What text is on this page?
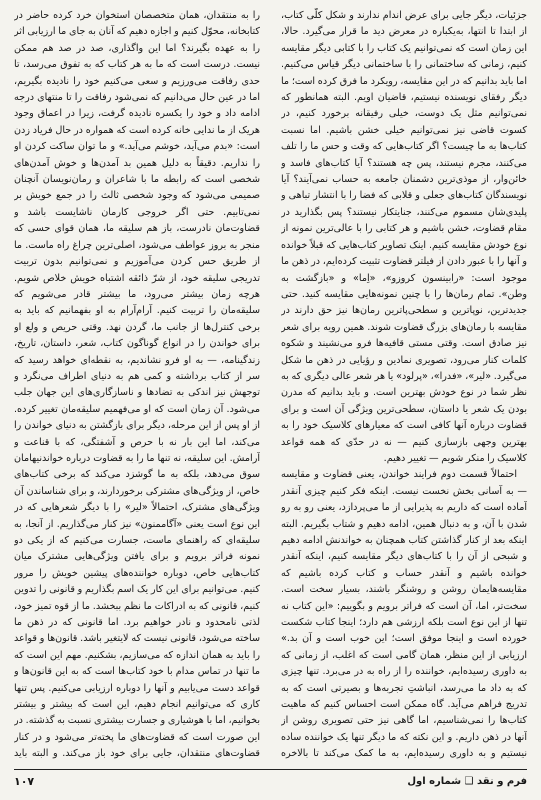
جزئیات، دیگر جایی برای عرض اندام ندارند و شکل کلّی کتاب، از ابتدا تا انتها، به‌یکباره در معرض دید ما قرار می‌گیرد. حالا، این زمان است که نمی‌توانیم یک کتاب را با کتابی دیگر مقایسه کنیم، زمانی که ساختمانی را با ساختمانی دیگر قیاس می‌کنیم. اما باید بدانیم که در این مقایسه، رویکرد ما فرق کرده است؛ ما دیگر رفقای نویسنده نیستیم، قاضیان اویم. البته همانطور که نمی‌توانیم مثل یک دوست، خیلی رفیقانه برخورد کنیم، در کسوت قاضی نیز نمی‌توانیم خیلی خشن باشیم. اما نسبت کتاب‌ها به ما چیست؟ اگر کتاب‌هایی که وقت و حس ما را تلف می‌کنند، مجرم نیستند، پس چه هستند؟ آیا کتاب‌های فاسد و خائن‌وار، از موذی‌ترین دشمنان جامعه به حساب نمی‌آیند؟ آیا نویسندگان کتاب‌های جعلی و قلابی که فضا را با انتشار تباهی و پلیدی‌شان مسموم می‌کنند، جنایتکار نیستند؟ پس بگذارید در مقام قضاوت، خشن باشیم و هر کتابی را با عالی‌ترین نمونه از نوع خودش مقایسه کنیم. اینک تصاویر کتاب‌هایی که قبلاً خوانده و آنها را با عبور دادن از فیلتر قضاوت تثبیت کرده‌ایم، در ذهن ما موجود است: «رابینسون کروزو»، «اِما» و «بازگشت به وطن». تمام رمان‌ها را با چنین نمونه‌هایی مقایسه کنید. حتی جدیدترین، نوپاترین و سطحی‌پاترین رمان‌ها نیز حق دارند در مقایسه با رمان‌های بزرگ قضاوت شوند. همین رویه برای شعر نیز صادق است. وقتی مستی قافیه‌ها فرو می‌نشیند و شکوه کلمات کنار می‌رود، تصویری نمادین و رؤیایی در ذهن ما شکل می‌گیرد. «لیر»، «فدرا»، «پرلود» یا هر شعر عالی دیگری که به نظر شما در نوع خودش بهترین است. و باید بدانیم که مدرن بودن یک شعر یا داستان، سطحی‌ترین ویژگی آن است و برای قضاوت درباره آنها کافی است که معیارهای کلاسیک خود را به بهترین وجهی بازسازی کنیم — نه در حدّی که همه قواعد کلاسیک را منکر شویم — تغییر دهیم.

احتمالاً قسمت دوم فرایند خواندن، یعنی قضاوت و مقایسه — به آسانی بخش نخست نیست. اینکه فکر کنیم چیزی آنقدر آماده‌ است که داریم به پذیرایی از ما می‌پردازد، یعنی رو به رو شدن با آن، و به دنبال همین، ادامه دهیم و شتاب بگیریم. البته اینکه بعد از کنار گذاشتن کتاب همچنان به خواندنش ادامه دهیم و شبحی از آن را با کتاب‌های دیگر مقایسه کنیم، اینکه آنقدر خوانده باشیم و آنقدر حساب و کتاب کرده باشیم که مقایسه‌هایمان روشن و روشنگر باشند، بسیار سخت است. سخت‌تر، اما، آن است که فراتر برویم و بگوییم: «این کتاب نه تنها از این نوع است بلکه ارزشی هم دارد؛ اینجا کتاب شکست خورده است و اینجا موفق است؛ این خوب است و آن بد.» ارزیابی از این منظر، همان گامی است که اغلب، از زمانی که به داوری رسیده‌ایم، خواننده را از راه به در می‌برد. تنها چیزی که به داد ما می‌رسد، انباشتِ تجربه‌ها و بصیرتی است که به تدریج فراهم می‌آید. گاه ممکن است احساس کنیم که ماهیت کتاب‌ها را نمی‌شناسیم، اما گاهی نیز حتی تصویری روشن از آنها در ذهن داریم. و این نکته که ما دیگر تنها یک خواننده ساده نیستیم و به داوری رسیده‌ایم، به ما کمک می‌کند تا بالاخره

را به منتقدان، همان متخصصان استخوان خرد کرده حاضر در کتابخانه، محوّل کنیم و اجازه دهیم که آنان به جای ما ارزیابی اثر را به عهده بگیرند؟ اما این واگذاری، صد در صد هم ممکن نیست. درست است که ما به هر کتاب که به تفوق می‌رسد، تا حدی رفاقت می‌ورزیم و سعی می‌کنیم خود را نادیده بگیریم، اما در عین حال می‌دانیم که نمی‌شود رفاقت را تا منتهای درجه ادامه داد و خود را یکسره نادیده گرفت، زیرا در اعماق وجود هریک از ما ندایی خانه کرده است که همواره در حال فریاد زدن است: «بدم می‌آید، خوشم می‌آید.» و ما توان ساکت کردن او را نداریم. دقیقاً به دلیل همین بد آمدن‌ها و خوش آمدن‌های شخصی است که رابطه ما با شاعران و رمان‌نویسان آنچنان صمیمی می‌شود که وجود شخصی ثالث را در جمع خویش بر نمی‌تابیم. حتی اگر خروجی کارمان ناشایست باشد و قضاوت‌مان نادرست، باز هم سلیقه ما، همان قوای حسی که منجر به بروز عواطف می‌شود، اصلی‌ترین چراغ راه ماست. ما از طریق حس کردن می‌آموزیم و نمی‌توانیم بدون تربیت تدریجی سلیقه خود، از شرّ ذائقه اشتباه خویش خلاص شویم. هرچه زمان بیشتر می‌رود، ما بیشتر قادر می‌شویم که سلیقه‌مان را تربیت کنیم. آرام‌آرام به او بفهمانیم که باید به برخی کنترل‌ها از جانب ما، گردن نهد. وقتی حریص و ولع او برای خواندن را در انواع گوناگون کتاب، شعر، داستان، تاریخ، زندگینامه، — به او فرو نشاندیم، به نقطه‌ای خواهد رسید که سر از کتاب برداشته و کمی هم به دنیای اطراف می‌نگرد و توجهش نیز اندکی به تضادها و ناسازگاری‌های این جهان جلب می‌شود. آن زمان است که او می‌فهمیم سلیقه‌مان تغییر کرده. از او پس از این مرحله، دیگر برای بازگشتن به دنیای خواندن را می‌کند، اما این بار نه با حرص و آشفتگی، که با قناعت و آرامش. این سلیقه، نه تنها ما را به قضاوت درباره خواندنیهامان سوق می‌دهد، بلکه به ما گوشزد می‌کند که برخی کتاب‌های خاص، از ویژگی‌های مشترکی برخوردارند، و برای شناساندن آن ویژگی‌های مشترک، احتمالاً «لیر» را با دیگر شعرهایی که در این نوع است یعنی «آگاممنون» نیز کنار می‌گذاریم. از آنجا، به سلیقه‌ای که راهنمای ماست، جسارت می‌کنیم که از یکی دو نمونه فراتر برویم و برای یافتن ویژگی‌هایی مشترک میان کتاب‌هایی خاص، دوباره خواننده‌های پیشین خویش را مرور کنیم. می‌توانیم برای این کار یک اسم بگذاریم و قانونی را تدوین کنیم، قانونی که به ادراکات ما نظم ببخشد. ما از قوه تمیز خود، لذتی نامحدود و نادر خواهیم برد. اما قانونی که در ذهن ما ساخته می‌شود، قانونی نیست که لایتغیر باشد. قانون‌ها و قواعد را باید به همان اندازه که می‌سازیم، بشکنیم. مهم این است که ما تنها در تماس مدام با خود کتاب‌ها است که به این قانون‌ها و قواعد دست می‌یابیم و آنها را دوباره ارزیابی می‌کنیم. پس تنها کاری که می‌توانیم انجام دهیم، این است که بیشتر و بیشتر بخوانیم، اما با هوشیاری و جسارت بیشتری نسبت به گذشته. در این صورت است که قضاوت‌های ما پخته‌تر می‌شود و در کنار قضاوت‌های منتقدان، جایی برای خود باز می‌کند. و البته باید

فرم و نقد ❑ شماره اول
۱۰۷
